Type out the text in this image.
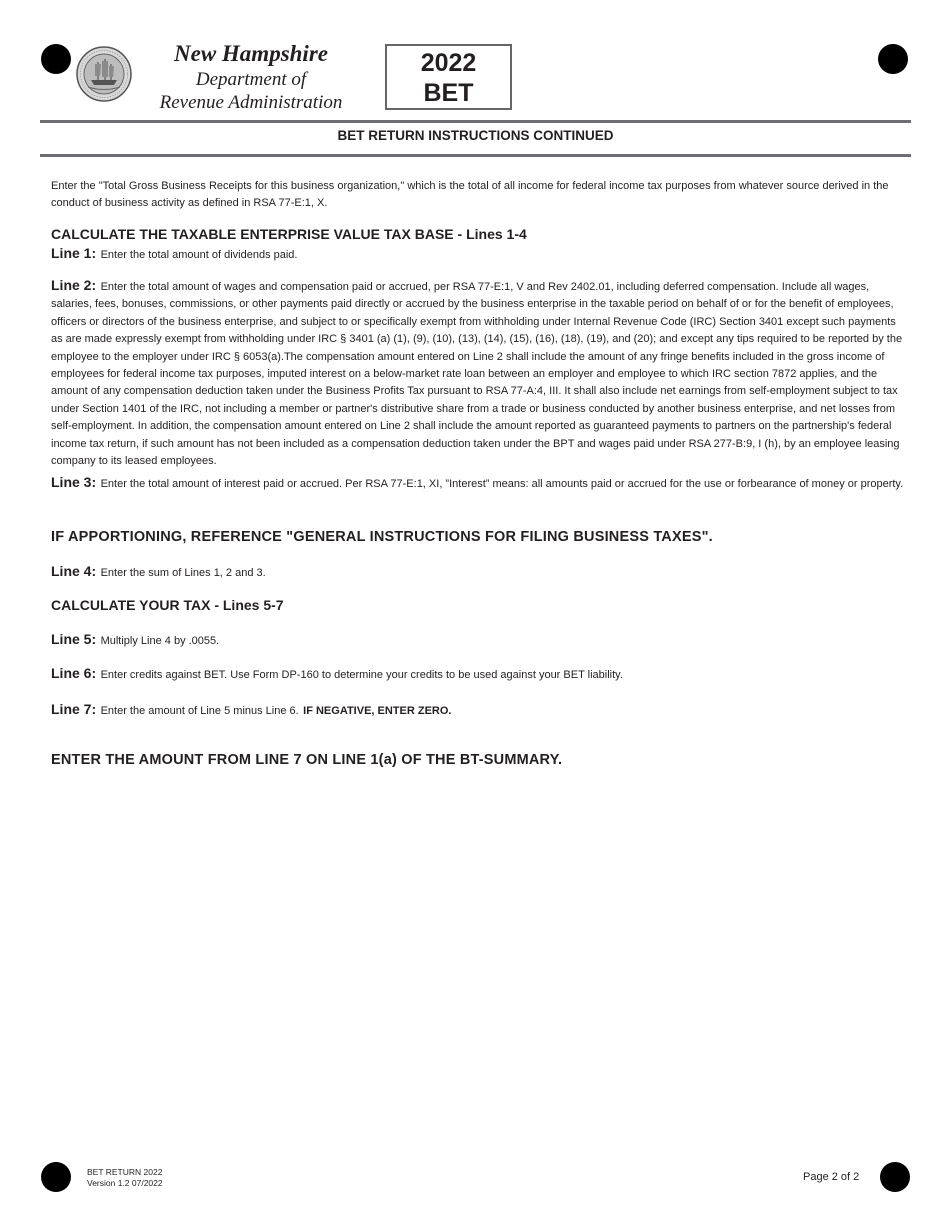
New Hampshire
Department of
Revenue Administration
2022
BET
BET RETURN INSTRUCTIONS CONTINUED
Enter the "Total Gross Business Receipts for this business organization," which is the total of all income for federal income tax purposes from whatever source derived in the conduct of business activity as defined in RSA 77-E:1, X.
CALCULATE THE TAXABLE ENTERPRISE VALUE TAX BASE - Lines 1-4
Line 1: Enter the total amount of dividends paid.
Line 2: Enter the total amount of wages and compensation paid or accrued, per RSA 77-E:1, V and Rev 2402.01, including deferred compensation. Include all wages, salaries, fees, bonuses, commissions, or other payments paid directly or accrued by the business enterprise in the taxable period on behalf of or for the benefit of employees, officers or directors of the business enterprise, and subject to or specifically exempt from withholding under Internal Revenue Code (IRC) Section 3401 except such payments as are made expressly exempt from withholding under IRC § 3401 (a) (1), (9), (10), (13), (14), (15), (16), (18), (19), and (20); and except any tips required to be reported by the employee to the employer under IRC § 6053(a).The compensation amount entered on Line 2 shall include the amount of any fringe benefits included in the gross income of employees for federal income tax purposes, imputed interest on a below-market rate loan between an employer and employee to which IRC section 7872 applies, and the amount of any compensation deduction taken under the Business Profits Tax pursuant to RSA 77-A:4, III. It shall also include net earnings from self-employment subject to tax under Section 1401 of the IRC, not including a member or partner's distributive share from a trade or business conducted by another business enterprise, and net losses from self-employment. In addition, the compensation amount entered on Line 2 shall include the amount reported as guaranteed payments to partners on the partnership's federal income tax return, if such amount has not been included as a compensation deduction taken under the BPT and wages paid under RSA 277-B:9, I (h), by an employee leasing company to its leased employees.
Line 3: Enter the total amount of interest paid or accrued. Per RSA 77-E:1, XI, ”Interest” means: all amounts paid or accrued for the use or forbearance of money or property.
IF APPORTIONING, REFERENCE "GENERAL INSTRUCTIONS FOR FILING BUSINESS TAXES".
Line 4: Enter the sum of Lines 1, 2 and 3.
CALCULATE YOUR TAX - Lines 5-7
Line 5: Multiply Line 4 by .0055.
Line 6: Enter credits against BET. Use Form DP-160 to determine your credits to be used against your BET liability.
Line 7: Enter the amount of Line 5 minus Line 6. IF NEGATIVE, ENTER ZERO.
ENTER THE AMOUNT FROM LINE 7 ON LINE 1(a) OF THE BT-SUMMARY.
BET RETURN 2022
Version 1.2 07/2022	Page 2 of 2
